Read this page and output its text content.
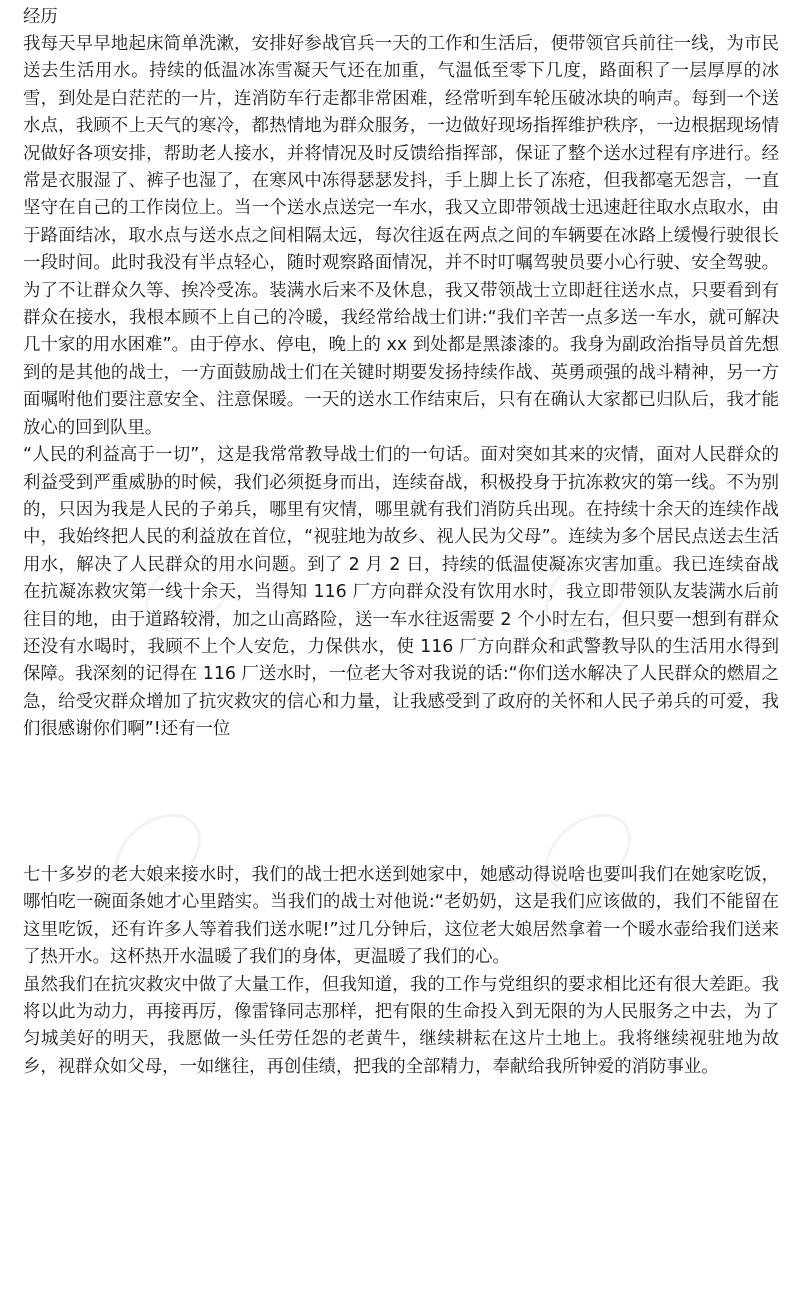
经历

我每天早早地起床简单洗漱，安排好参战官兵一天的工作和生活后，便带领官兵前往一线，为市民送去生活用水。持续的低温冰冻雪凝天气还在加重，气温低至零下几度，路面积了一层厚厚的冰雪，到处是白茫茫的一片，连消防车行走都非常困难，经常听到车轮压破冰块的响声。每到一个送水点，我顾不上天气的寒冷，都热情地为群众服务，一边做好现场指挥维护秩序，一边根据现场情况做好各项安排，帮助老人接水，并将情况及时反馈给指挥部，保证了整个送水过程有序进行。经常是衣服湿了、裤子也湿了，在寒风中冻得瑟瑟发抖，手上脚上长了冻疮，但我都毫无怨言，一直坚守在自己的工作岗位上。当一个送水点送完一车水，我又立即带领战士迅速赶往取水点取水，由于路面结冰，取水点与送水点之间相隔太远，每次往返在两点之间的车辆要在冰路上缓慢行驶很长一段时间。此时我没有半点轻心，随时观察路面情况，并不时叮嘱驾驶员要小心行驶、安全驾驶。为了不让群众久等、挨冷受冻。装满水后来不及休息，我又带领战士立即赶往送水点，只要看到有群众在接水，我根本顾不上自己的冷暖，我经常给战士们讲:“我们辛苦一点多送一车水，就可解决几十家的用水困难”。由于停水、停电，晚上的 xx 到处都是黑漆漆的。我身为副政治指导员首先想到的是其他的战士，一方面鼓励战士们在关键时期要发扬持续作战、英勇顽强的战斗精神，另一方面嘱咐他们要注意安全、注意保暖。一天的送水工作结束后，只有在确认大家都已归队后，我才能放心的回到队里。

“人民的利益高于一切”，这是我常常教导战士们的一句话。面对突如其来的灾情，面对人民群众的利益受到严重威胁的时候，我们必须挺身而出，连续奋战，积极投身于抗冻救灾的第一线。不为别的，只因为我是人民的子弟兵，哪里有灾情，哪里就有我们消防兵出现。在持续十余天的连续作战中，我始终把人民的利益放在首位，“视驻地为故乡、视人民为父母”。连续为多个居民点送去生活用水，解决了人民群众的用水问题。到了 2 月 2 日，持续的低温使凝冻灾害加重。我已连续奋战在抗凝冻救灾第一线十余天，当得知 116 厂方向群众没有饮用水时，我立即带领队友装满水后前往目的地，由于道路较滑，加之山高路险，送一车水往返需要 2 个小时左右，但只要一想到有群众还没有水喝时，我顾不上个人安危，力保供水，使 116 厂方向群众和武警教导队的生活用水得到保障。我深刻的记得在 116 厂送水时，一位老大爷对我说的话:“你们送水解决了人民群众的燃眉之急，给受灾群众增加了抗灾救灾的信心和力量，让我感受到了政府的关怀和人民子弟兵的可爱，我们很感谢你们啊”!还有一位

七十多岁的老大娘来接水时，我们的战士把水送到她家中，她感动得说啥也要叫我们在她家吃饭，哪怕吃一碗面条她才心里踏实。当我们的战士对他说:“老奶奶，这是我们应该做的，我们不能留在这里吃饭，还有许多人等着我们送水呢!”过几分钟后，这位老大娘居然拿着一个暖水壶给我们送来了热开水。这杯热开水温暖了我们的身体，更温暖了我们的心。

虽然我们在抗灾救灾中做了大量工作，但我知道，我的工作与党组织的要求相比还有很大差距。我将以此为动力，再接再厉，像雷锋同志那样，把有限的生命投入到无限的为人民服务之中去，为了匀城美好的明天，我愿做一头任劳任怨的老黄牛，继续耕耘在这片土地上。我将继续视驻地为故乡，视群众如父母，一如继往，再创佳绩，把我的全部精力，奉献给我所钟爱的消防事业。
